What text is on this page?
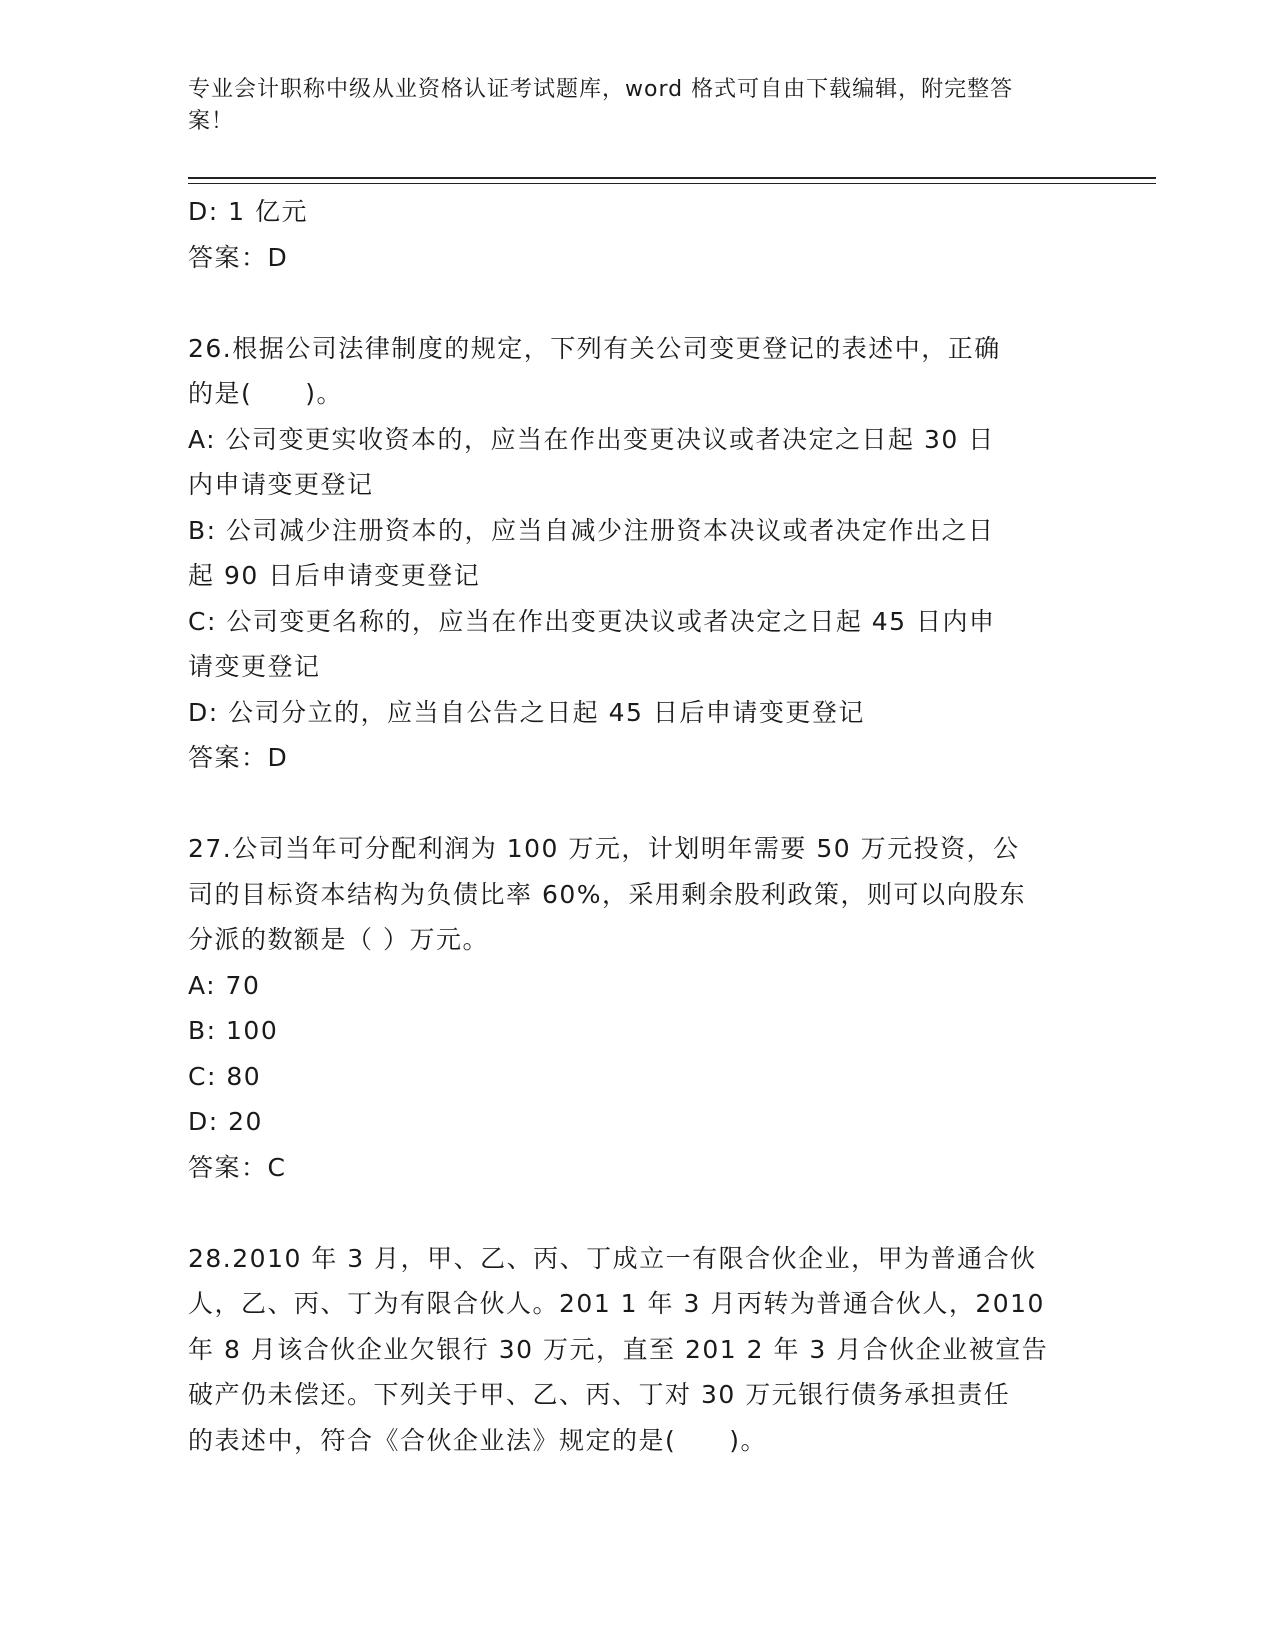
专业会计职称中级从业资格认证考试题库，word 格式可自由下载编辑，附完整答
案！
D: 1 亿元
答案：D
26.根据公司法律制度的规定，下列有关公司变更登记的表述中，正确
的是(　　)。
A: 公司变更实收资本的，应当在作出变更决议或者决定之日起 30 日
内申请变更登记
B: 公司减少注册资本的，应当自减少注册资本决议或者决定作出之日
起 90 日后申请变更登记
C: 公司变更名称的，应当在作出变更决议或者决定之日起 45 日内申
请变更登记
D: 公司分立的，应当自公告之日起 45 日后申请变更登记
答案：D
27.公司当年可分配利润为 100 万元，计划明年需要 50 万元投资，公
司的目标资本结构为负债比率 60%，采用剩余股利政策，则可以向股东
分派的数额是（ ）万元。
A: 70
B: 100
C: 80
D: 20
答案：C
28.2010 年 3 月，甲、乙、丙、丁成立一有限合伙企业，甲为普通合伙
人，乙、丙、丁为有限合伙人。201 1 年 3 月丙转为普通合伙人，2010
年 8 月该合伙企业欠银行 30 万元，直至 201 2 年 3 月合伙企业被宣告
破产仍未偿还。下列关于甲、乙、丙、丁对 30 万元银行债务承担责任
的表述中，符合《合伙企业法》规定的是(　　)。
